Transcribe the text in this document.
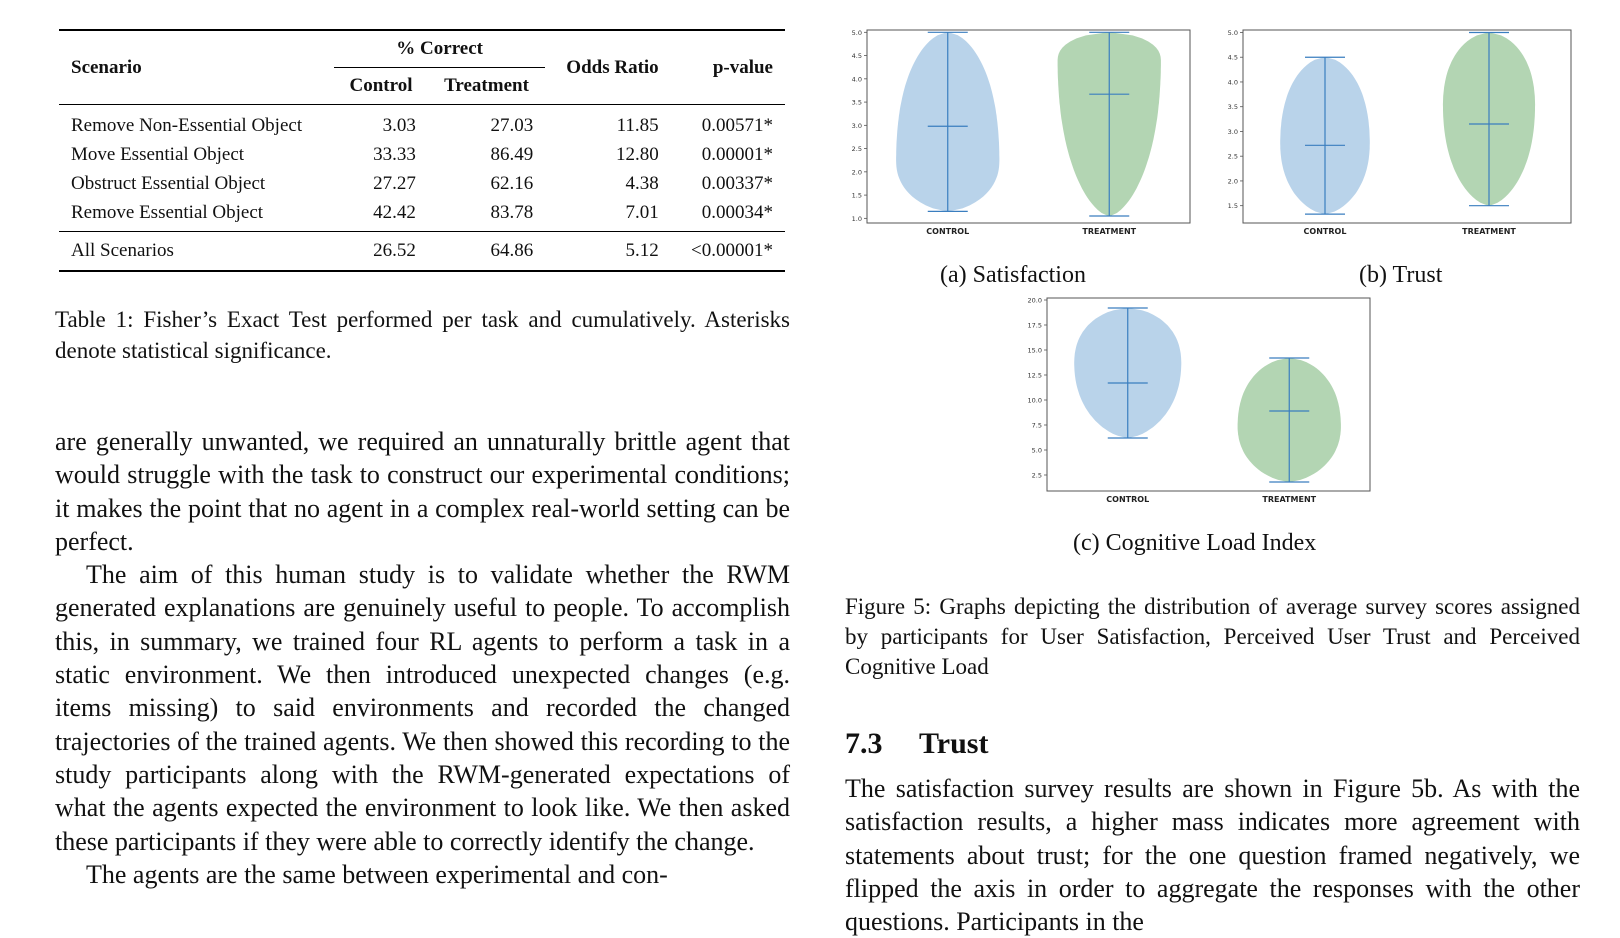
Scenario	% Correct		Odds Ratio	p-value
	Control	Treatment		
Remove Non-Essential Object	3.03	27.03	11.85	0.00571*
Move Essential Object	33.33	86.49	12.80	0.00001*
Obstruct Essential Object	27.27	62.16	4.38	0.00337*
Remove Essential Object	42.42	83.78	7.01	0.00034*
All Scenarios	26.52	64.86	5.12	<0.00001*
Table 1: Fisher’s Exact Test performed per task and cumulatively. Asterisks denote statistical significance.

are generally unwanted, we required an unnaturally brittle agent that would struggle with the task to construct our experimental conditions; it makes the point that no agent in a complex real-world setting can be perfect.

The aim of this human study is to validate whether the RWM generated explanations are genuinely useful to people. To accomplish this, in summary, we trained four RL agents to perform a task in a static environment. We then introduced unexpected changes (e.g. items missing) to said environments and recorded the changed trajectories of the trained agents. We then showed this recording to the study participants along with the RWM-generated expectations of what the agents expected the environment to look like. We then asked these participants if they were able to correctly identify the change.

The agents are the same between experimental and con-

1.0
1.5
2.0
2.5
3.0
3.5
4.0
4.5
5.0
CONTROL	TREATMENT
1.5
2.0
2.5
3.0
3.5
4.0
4.5
5.0
CONTROL	TREATMENT
2.5
5.0
7.5
10.0
12.5
15.0
17.5
20.0
CONTROL	TREATMENT
(a) Satisfaction	(b) Trust
(c) Cognitive Load Index
Figure 5: Graphs depicting the distribution of average survey scores assigned by participants for User Satisfaction, Perceived User Trust and Perceived Cognitive Load
7.3 Trust

The satisfaction survey results are shown in Figure 5b. As with the satisfaction results, a higher mass indicates more agreement with statements about trust; for the one question framed negatively, we flipped the axis in order to aggregate the responses with the other questions. Participants in the
